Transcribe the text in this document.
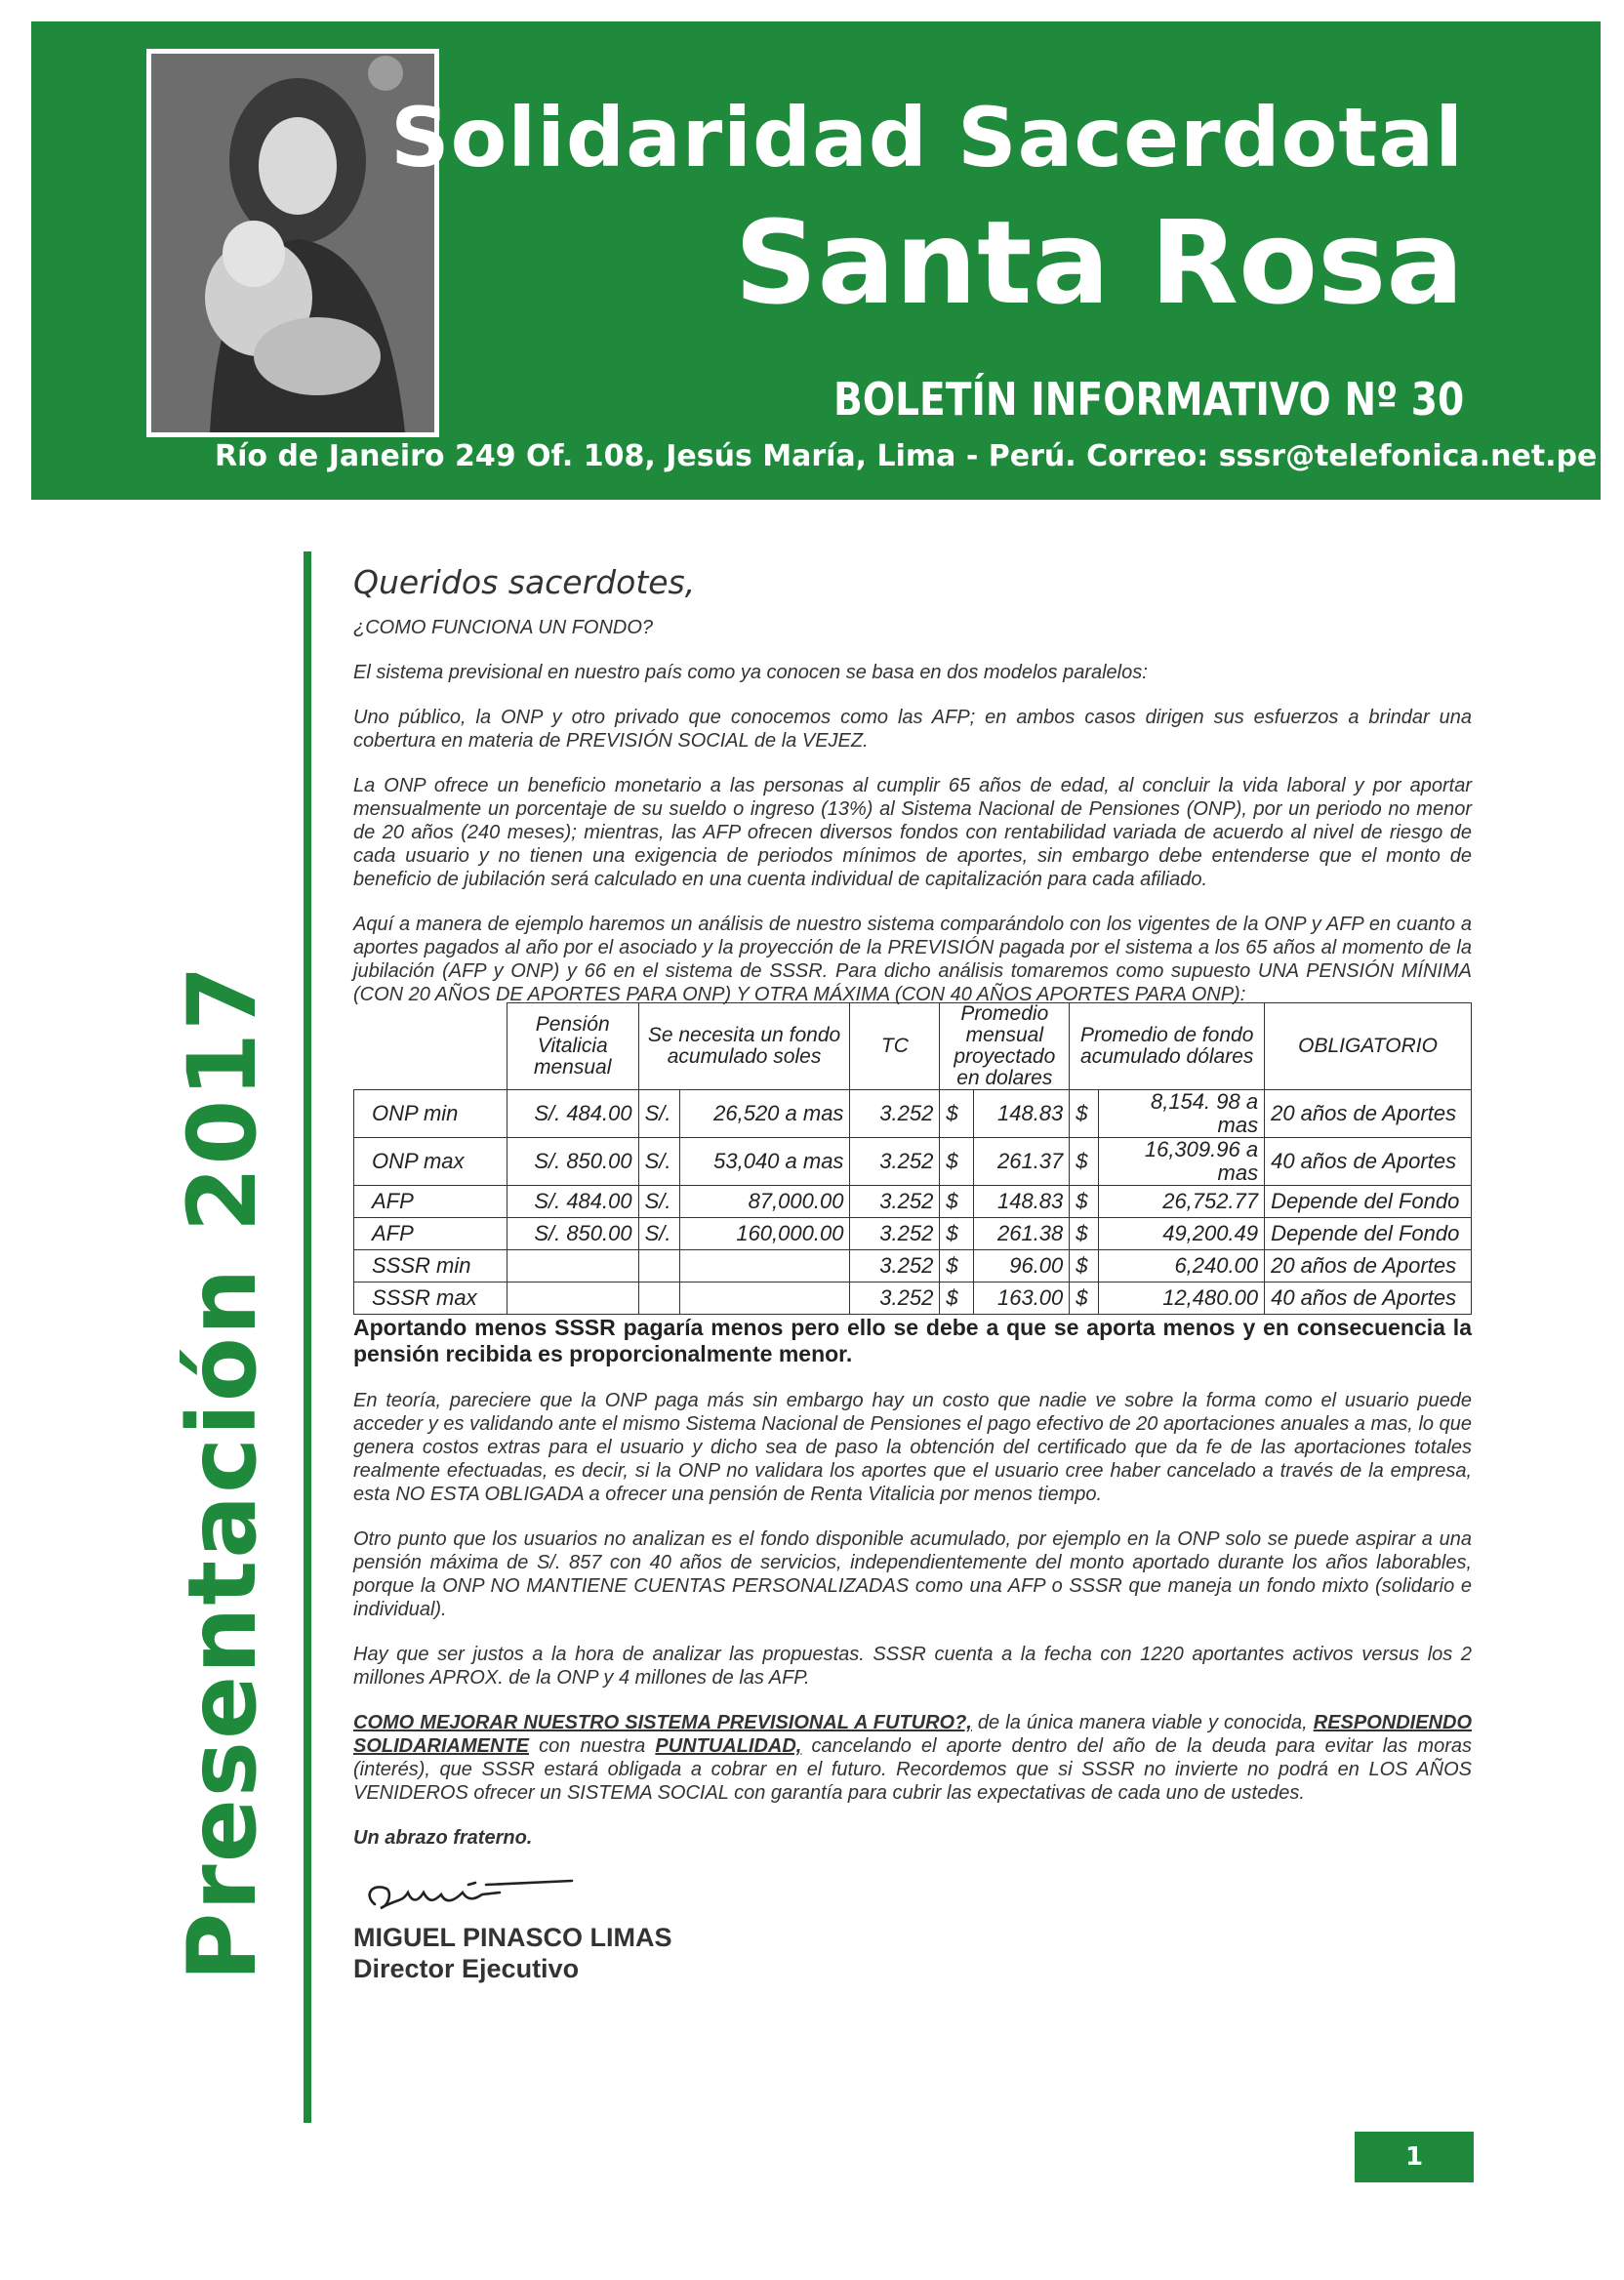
Solidaridad Sacerdotal
Santa Rosa
BOLETÍN INFORMATIVO Nº 30
Río de Janeiro 249 Of. 108, Jesús María, Lima - Perú. Correo: sssr@telefonica.net.pe
Presentación 2017
Queridos sacerdotes,

¿COMO FUNCIONA UN FONDO?

El sistema previsional en nuestro país como ya conocen se basa en dos modelos paralelos:

Uno público, la ONP y otro privado que conocemos como las AFP; en ambos casos dirigen sus esfuerzos a brindar una cobertura en materia de PREVISIÓN SOCIAL de la VEJEZ.

La ONP ofrece un beneficio monetario a las personas al cumplir 65 años de edad, al concluir la vida laboral y por aportar mensualmente un porcentaje de su sueldo o ingreso (13%) al Sistema Nacional de Pensiones (ONP), por un periodo no menor de 20 años (240 meses); mientras, las AFP ofrecen diversos fondos con rentabilidad variada de acuerdo al nivel de riesgo de cada usuario y no tienen una exigencia de periodos mínimos de aportes, sin embargo debe entenderse que el monto de beneficio de jubilación será calculado en una cuenta individual de capitalización para cada afiliado.

Aquí a manera de ejemplo haremos un análisis de nuestro sistema comparándolo con los vigentes de la ONP y AFP en cuanto a aportes pagados al año por el asociado y la proyección de la PREVISIÓN pagada por el sistema a los 65 años al momento de la jubilación (AFP y ONP) y 66 en el sistema de SSSR. Para dicho análisis tomaremos como supuesto UNA PENSIÓN MÍNIMA (CON 20 AÑOS DE APORTES PARA ONP) Y OTRA MÁXIMA (CON 40 AÑOS APORTES PARA ONP):

	Pensión Vitalicia mensual	Se necesita un fondo acumulado soles		TC	Promedio mensual proyectado en dolares		Promedio de fondo acumulado dólares		OBLIGATORIO
ONP min	S/. 484.00	S/.	26,520 a mas	3.252	$	148.83	$	8,154. 98 a mas	20 años de Aportes
ONP max	S/. 850.00	S/.	53,040 a mas	3.252	$	261.37	$	16,309.96 a mas	40 años de Aportes
AFP	S/. 484.00	S/.	87,000.00	3.252	$	148.83	$	26,752.77	Depende del Fondo
AFP	S/. 850.00	S/.	160,000.00	3.252	$	261.38	$	49,200.49	Depende del Fondo
SSSR min				3.252	$	96.00	$	6,240.00	20 años de Aportes
SSSR max				3.252	$	163.00	$	12,480.00	40 años de Aportes

Aportando menos SSSR pagaría menos pero ello se debe a que se aporta menos y en consecuencia la pensión recibida es proporcionalmente menor.

En teoría, pareciere que la ONP paga más sin embargo hay un costo que nadie ve sobre la forma como el usuario puede acceder y es validando ante el mismo Sistema Nacional de Pensiones el pago efectivo de 20 aportaciones anuales a mas, lo que genera costos extras para el usuario y dicho sea de paso la obtención del certificado que da fe de las aportaciones totales realmente efectuadas, es decir, si la ONP no validara los aportes que el usuario cree haber cancelado a través de la empresa, esta NO ESTA OBLIGADA a ofrecer una pensión de Renta Vitalicia por menos tiempo.

Otro punto que los usuarios no analizan es el fondo disponible acumulado, por ejemplo en la ONP solo se puede aspirar a una pensión máxima de S/. 857 con 40 años de servicios, independientemente del monto aportado durante los años laborables, porque la ONP NO MANTIENE CUENTAS PERSONALIZADAS como una AFP o SSSR que maneja un fondo mixto (solidario e individual).

Hay que ser justos a la hora de analizar las propuestas. SSSR cuenta a la fecha con 1220 aportantes activos versus los 2 millones APROX. de la ONP y 4 millones de las AFP.

COMO MEJORAR NUESTRO SISTEMA PREVISIONAL A FUTURO?, de la única manera viable y conocida, RESPONDIENDO SOLIDARIAMENTE con nuestra PUNTUALIDAD, cancelando el aporte dentro del año de la deuda para evitar las moras (interés), que SSSR estará obligada a cobrar en el futuro. Recordemos que si SSSR no invierte no podrá en LOS AÑOS VENIDEROS ofrecer un SISTEMA SOCIAL con garantía para cubrir las expectativas de cada uno de ustedes.

Un abrazo fraterno.
MIGUEL PINASCO LIMAS
Director Ejecutivo
1
